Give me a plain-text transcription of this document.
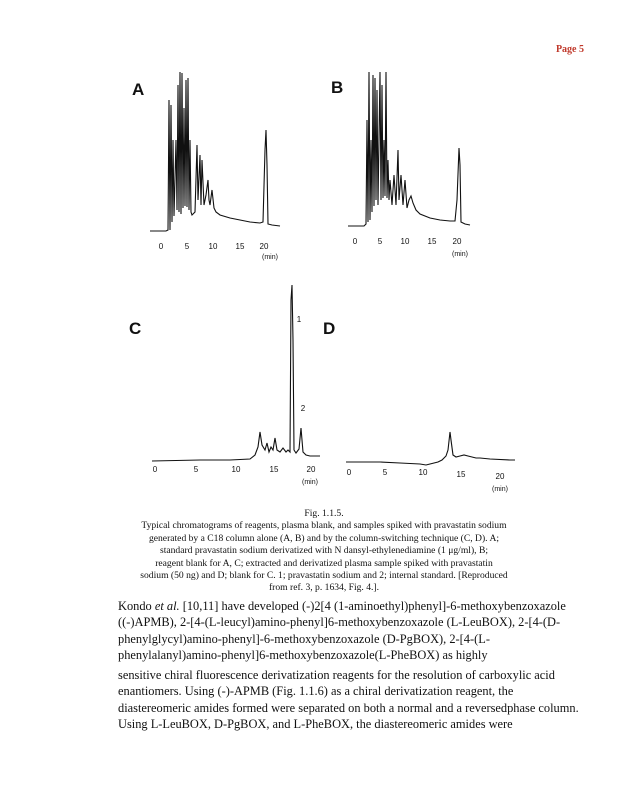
Page 5
A
0	5 10 15 20
(min)
B
0	5 10 15 20
(min)
C	1
2
0	5	10	15	20
(min)
D
0	5	10	15	20
(min)

Fig. 1.1.5.

Typical chromatograms of reagents, plasma blank, and samples spiked with pravastatin sodium

generated by a C18 column alone (A, B) and by the column-switching technique (C, D). A;

standard pravastatin sodium derivatized with N dansyl-ethylenediamine (1 μg/ml), B;

reagent blank for A, C; extracted and derivatized plasma sample spiked with pravastatin

sodium (50 ng) and D; blank for C. 1; pravastatin sodium and 2; internal standard. [Reproduced

from ref. 3, p. 1634, Fig. 4.].

Kondo et al. [10,11] have developed (-)2[4 (1-aminoethyl)phenyl]-6-methoxybenzoxazole ((-)APMB), 2-[4-(L-leucyl)amino-phenyl]6-methoxybenzoxazole (L-LeuBOX), 2-[4-(D-phenylglycyl)amino-phenyl]-6-methoxybenzoxazole (D-PgBOX), 2-[4-(L-phenylalanyl)amino-phenyl]6-methoxybenzoxazole(L-PheBOX) as highly

sensitive chiral fluorescence derivatization reagents for the resolution of carboxylic acid enantiomers. Using (-)-APMB (Fig. 1.1.6) as a chiral derivatization reagent, the diastereomeric amides formed were separated on both a normal and a reversedphase column. Using L-LeuBOX, D-PgBOX, and L-PheBOX, the diastereomeric amides were
